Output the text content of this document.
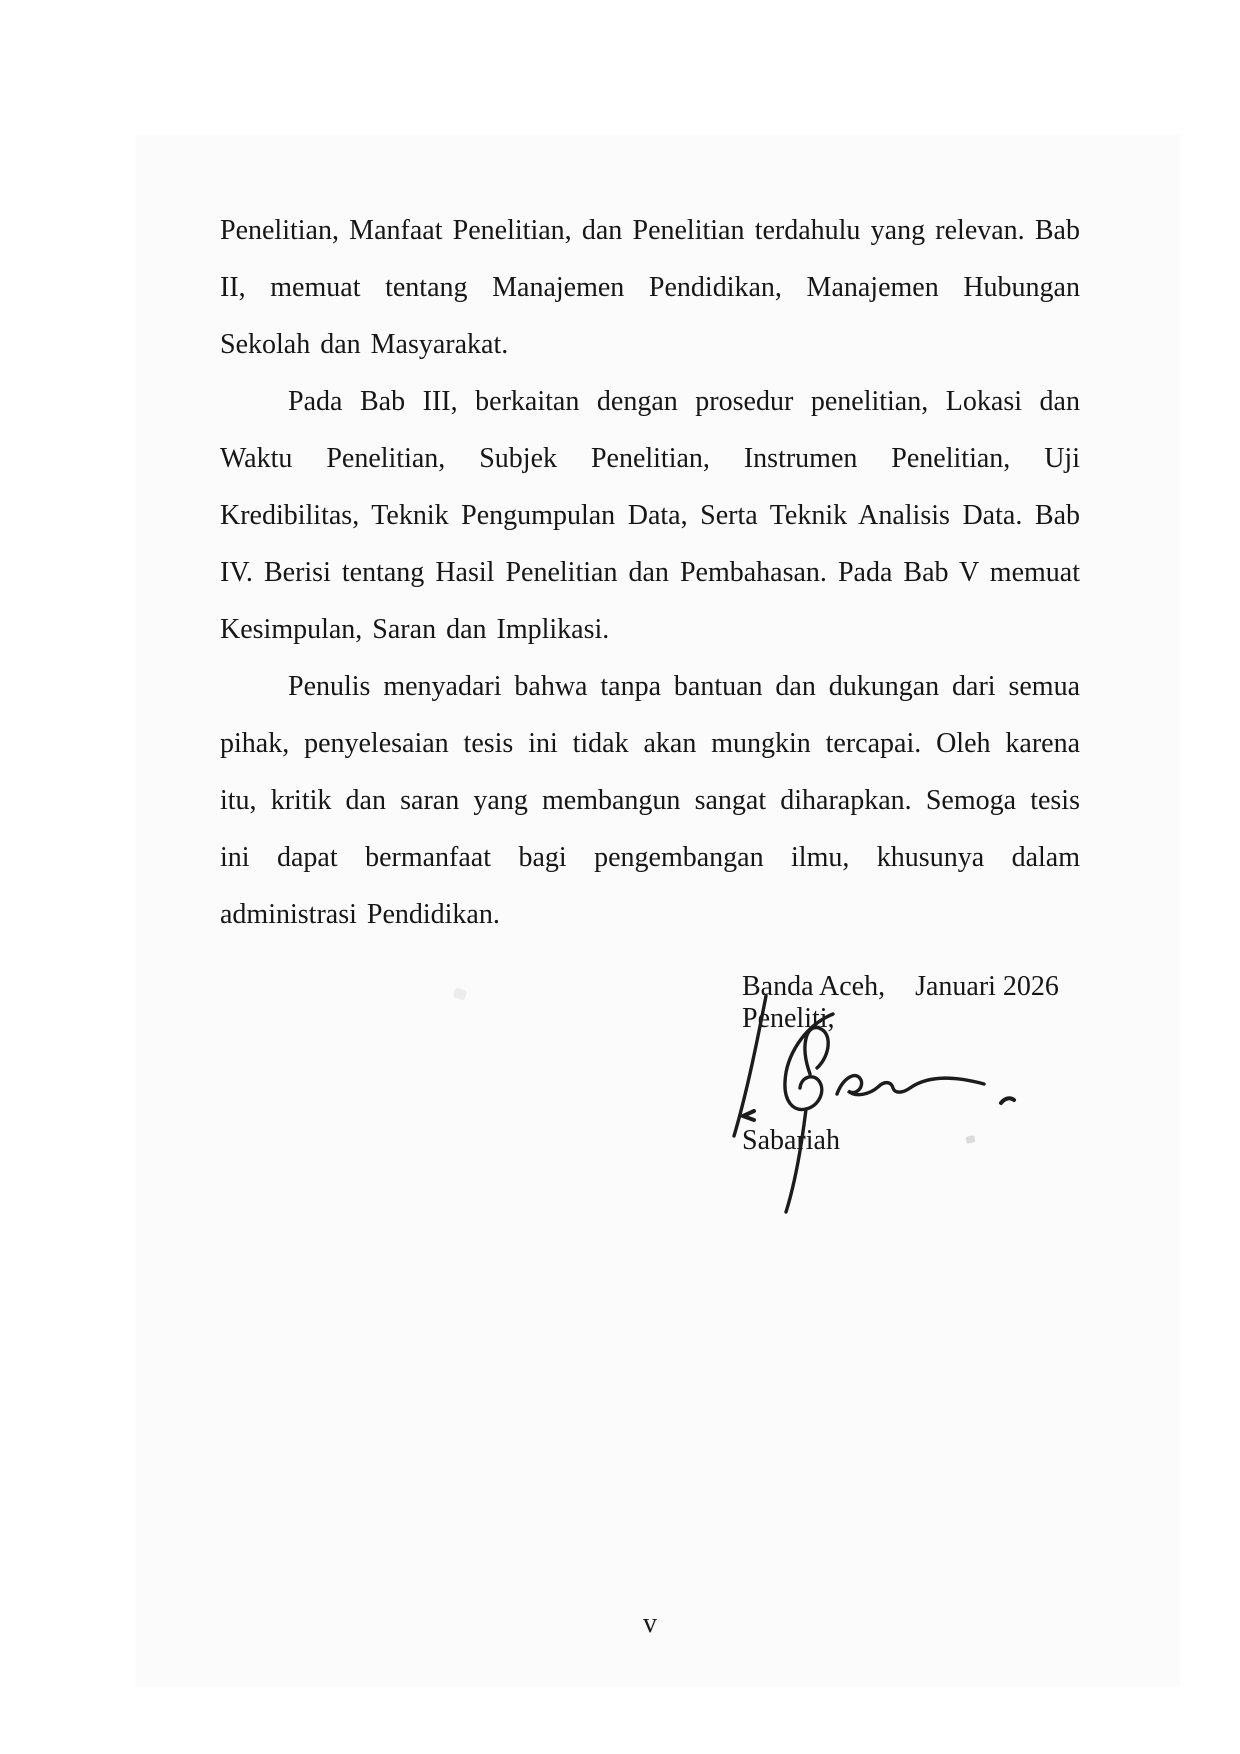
Penelitian, Manfaat Penelitian, dan Penelitian terdahulu yang relevan. Bab II, memuat tentang Manajemen Pendidikan, Manajemen Hubungan Sekolah dan Masyarakat.

Pada Bab III, berkaitan dengan prosedur penelitian, Lokasi dan Waktu Penelitian, Subjek Penelitian, Instrumen Penelitian, Uji Kredibilitas, Teknik Pengumpulan Data, Serta Teknik Analisis Data. Bab IV. Berisi tentang Hasil Penelitian dan Pembahasan. Pada Bab V memuat Kesimpulan, Saran dan Implikasi.

Penulis menyadari bahwa tanpa bantuan dan dukungan dari semua pihak, penyelesaian tesis ini tidak akan mungkin tercapai. Oleh karena itu, kritik dan saran yang membangun sangat diharapkan. Semoga tesis ini dapat bermanfaat bagi pengembangan ilmu, khusunya dalam administrasi Pendidikan.

Banda Aceh, Januari 2026
Peneliti,
Sabariah
v
